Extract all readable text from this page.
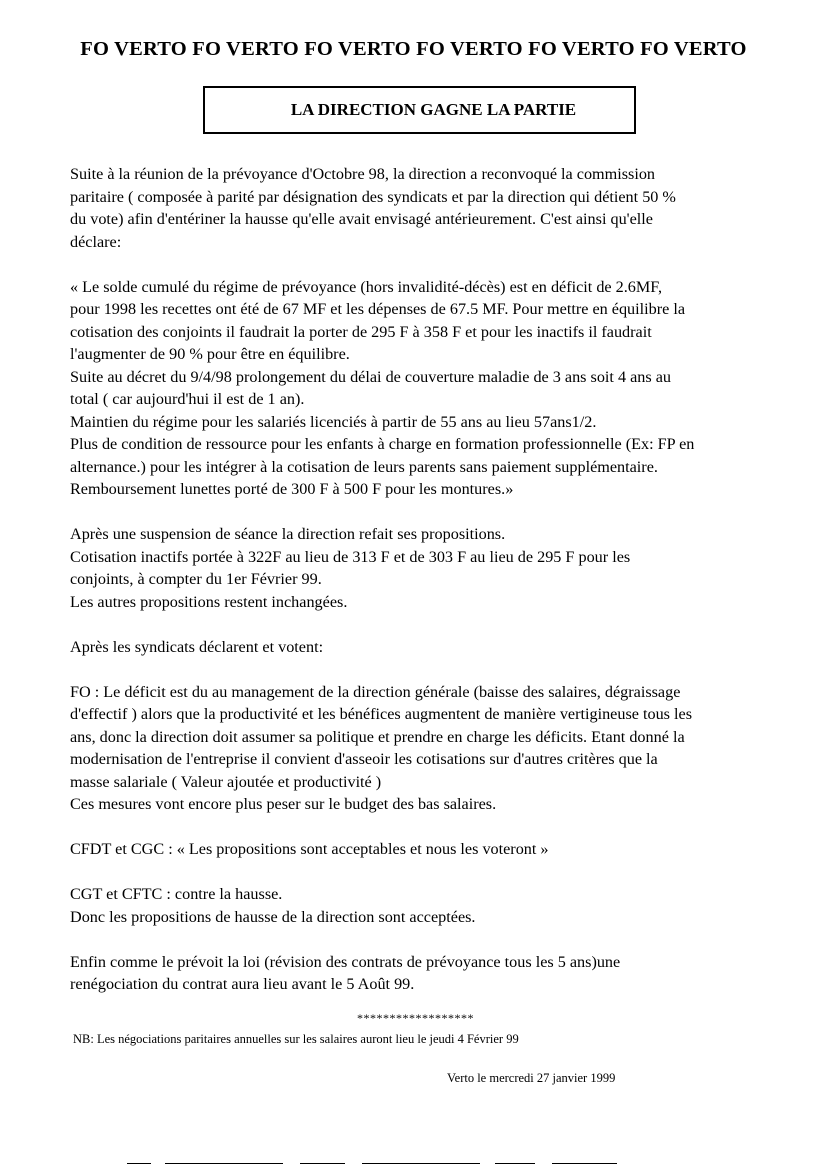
FO VERTO FO VERTO FO VERTO FO VERTO FO VERTO FO VERTO
LA DIRECTION GAGNE LA PARTIE
Suite à la réunion de la prévoyance d'Octobre 98, la direction a reconvoqué la commission
paritaire ( composée à parité par désignation des syndicats et par la direction qui détient 50 %
du vote) afin d'entériner la hausse qu'elle avait envisagé antérieurement. C'est ainsi qu'elle
déclare:
« Le solde cumulé du régime de prévoyance (hors invalidité-décès) est en déficit de 2.6MF,
pour 1998 les recettes ont été de 67 MF et les dépenses de 67.5 MF. Pour mettre en équilibre la
cotisation des conjoints il faudrait la porter de 295 F à 358 F et pour les inactifs il faudrait
l'augmenter de 90 % pour être en équilibre.
Suite au décret du 9/4/98 prolongement du délai de couverture maladie de 3 ans soit 4 ans au
total ( car aujourd'hui il est de 1 an).
Maintien du régime pour les salariés licenciés à partir de 55 ans au lieu 57ans1/2.
Plus de condition de ressource pour les enfants à charge en formation professionnelle (Ex: FP en
alternance.) pour les intégrer à la cotisation de leurs parents sans paiement supplémentaire.
Remboursement lunettes porté de 300 F à 500 F pour les montures.»
Après une suspension de séance la direction refait ses propositions.
Cotisation inactifs portée à 322F au lieu de 313 F et de 303 F au lieu de 295 F pour les
conjoints, à compter du 1er Février 99.
Les autres propositions restent inchangées.
Après les syndicats déclarent et votent:
FO : Le déficit est du au management de la direction générale (baisse des salaires, dégraissage
d'effectif ) alors que la productivité et les bénéfices augmentent de manière vertigineuse tous les
ans, donc la direction doit assumer sa politique et prendre en charge les déficits. Etant donné la
modernisation de l'entreprise il convient d'asseoir les cotisations sur d'autres critères que la
masse salariale ( Valeur ajoutée et productivité )
Ces mesures vont encore plus peser sur le budget des bas salaires.
CFDT et CGC : « Les propositions sont acceptables et nous les voteront »
CGT et CFTC : contre la hausse.
Donc les propositions de hausse de la direction sont acceptées.
Enfin comme le prévoit la loi (révision des contrats de prévoyance tous les 5 ans)une
renégociation du contrat aura lieu avant le 5 Août 99.
******************
NB: Les négociations paritaires annuelles sur les salaires auront lieu le jeudi 4 Février 99
Verto le mercredi 27 janvier 1999
